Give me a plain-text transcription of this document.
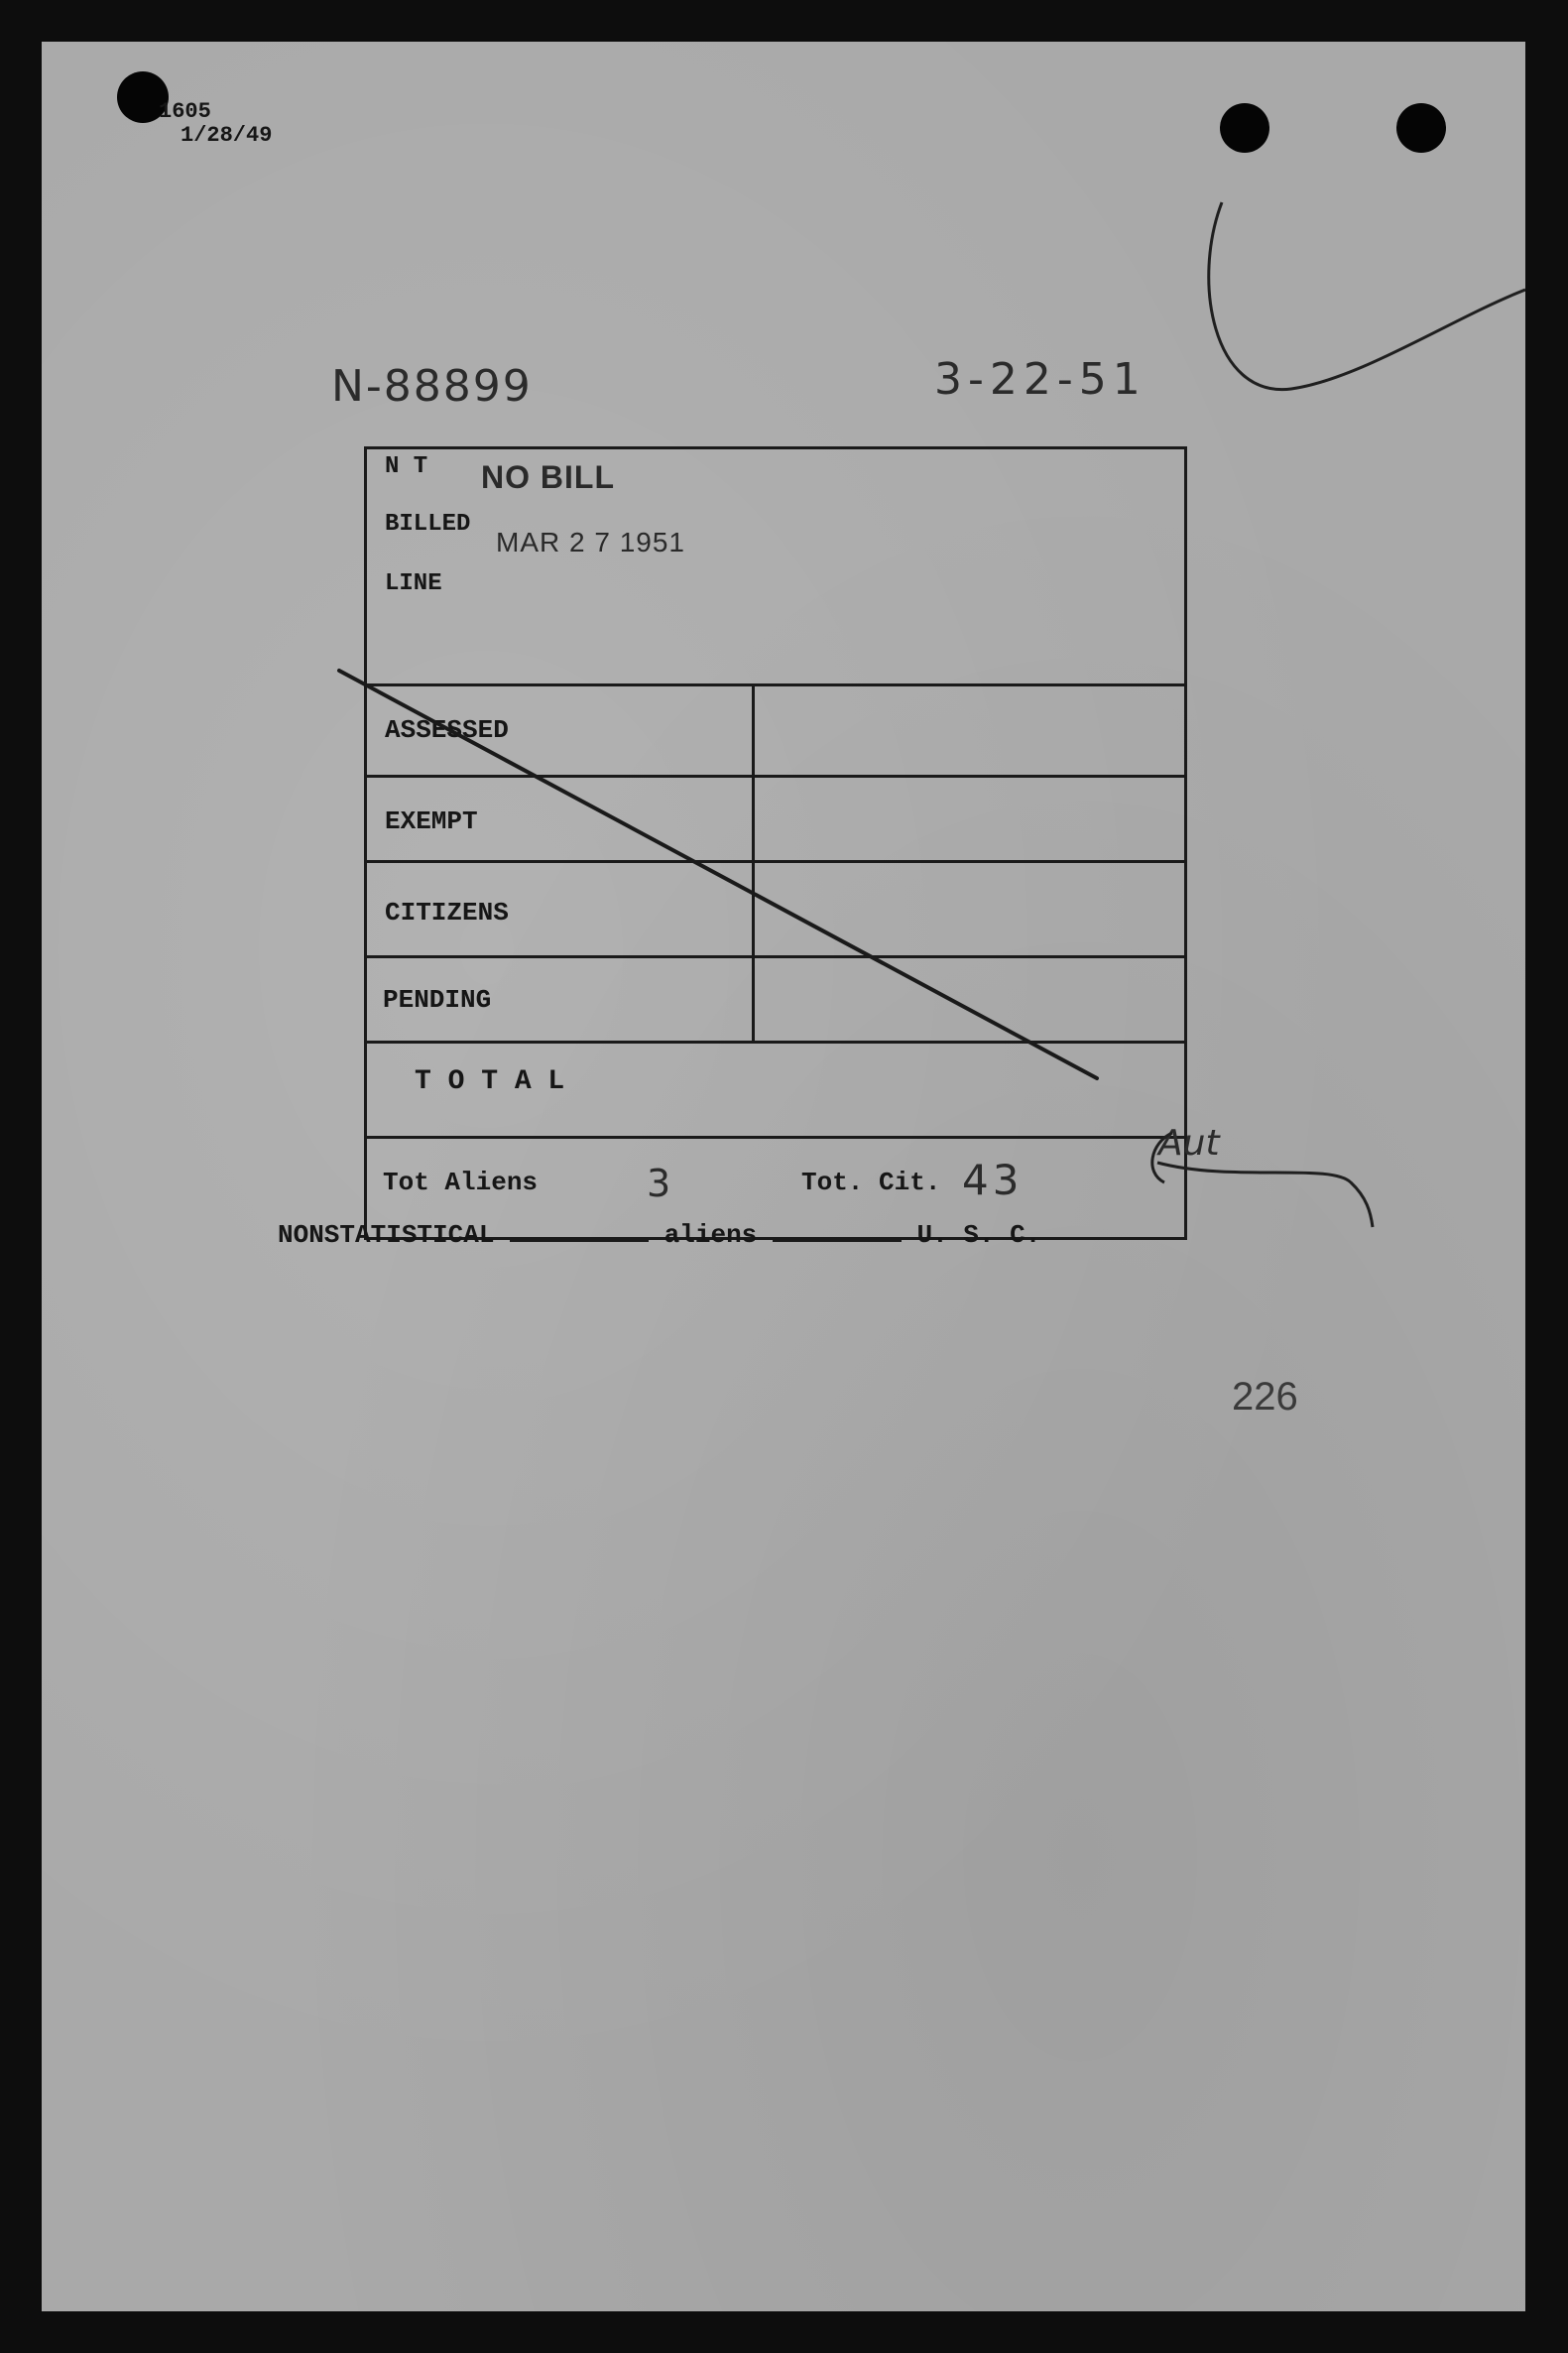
1605
1/28/49
N-88899	3-22-51
N T NO BILL
BILLED
MAR 2 7 1951
LINE
ASSESSED
EXEMPT
CITIZENS
PENDING
T O T A L
Tot Aliens	3	Tot. Cit. 43
NONSTATISTICAL	aliens	U. S. C.
226
Aut
